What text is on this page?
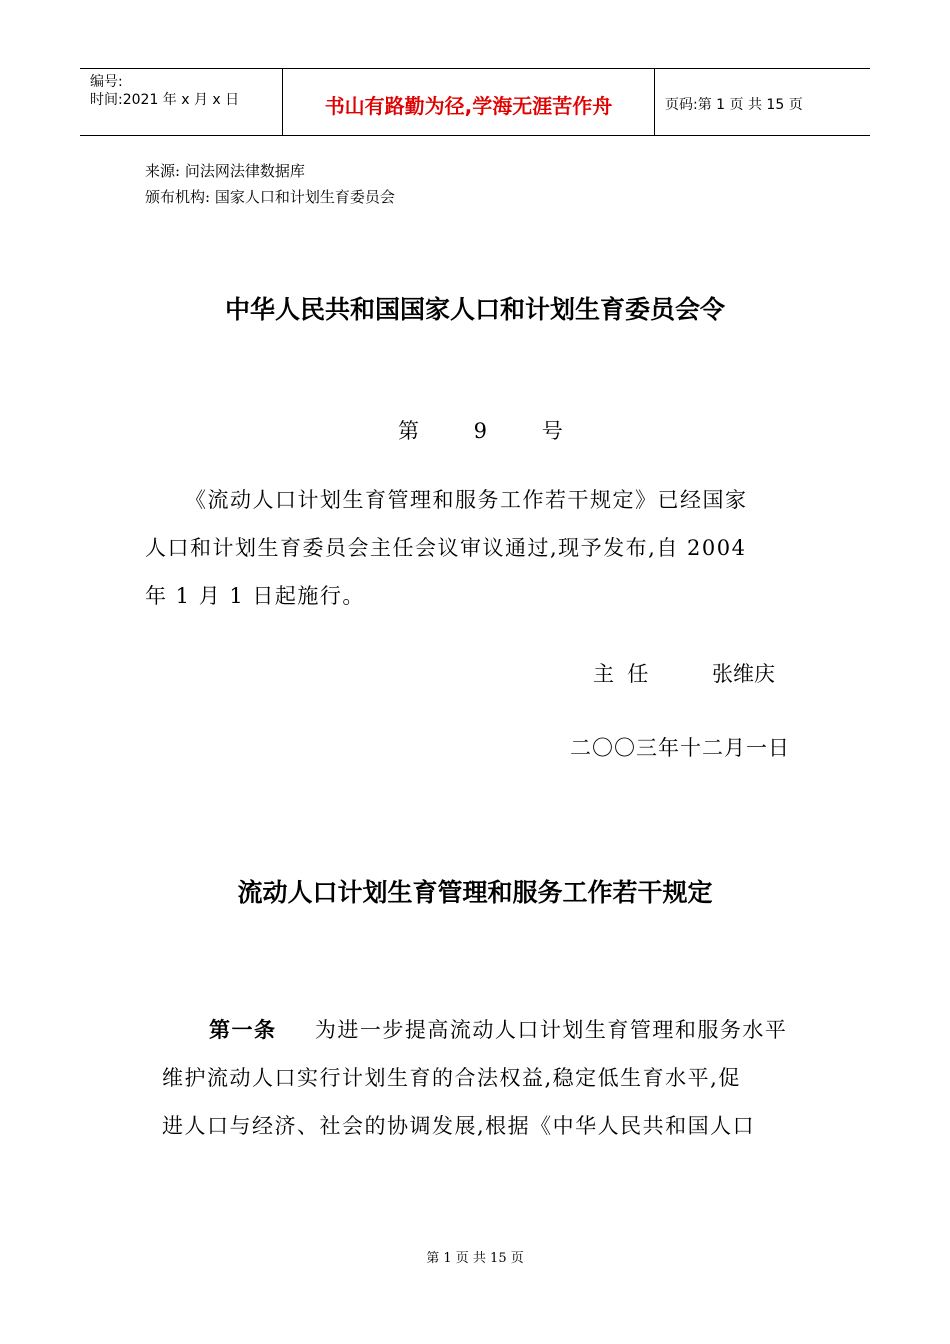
编号:
时间:2021 年 x 月 x 日	书山有路勤为径,学海无涯苦作舟	页码:第 1 页 共 15 页
来源: 问法网法律数据库
颁布机构: 国家人口和计划生育委员会
中华人民共和国国家人口和计划生育委员会令
第 9 号
《流动人口计划生育管理和服务工作若干规定》已经国家
人口和计划生育委员会主任会议审议通过,现予发布,自 2004
年 1 月 1 日起施行。
主  任	张维庆
二〇〇三年十二月一日
流动人口计划生育管理和服务工作若干规定
第一条 为进一步提高流动人口计划生育管理和服务水平
维护流动人口实行计划生育的合法权益,稳定低生育水平,促
进人口与经济、社会的协调发展,根据《中华人民共和国人口
第 1 页 共 15 页
